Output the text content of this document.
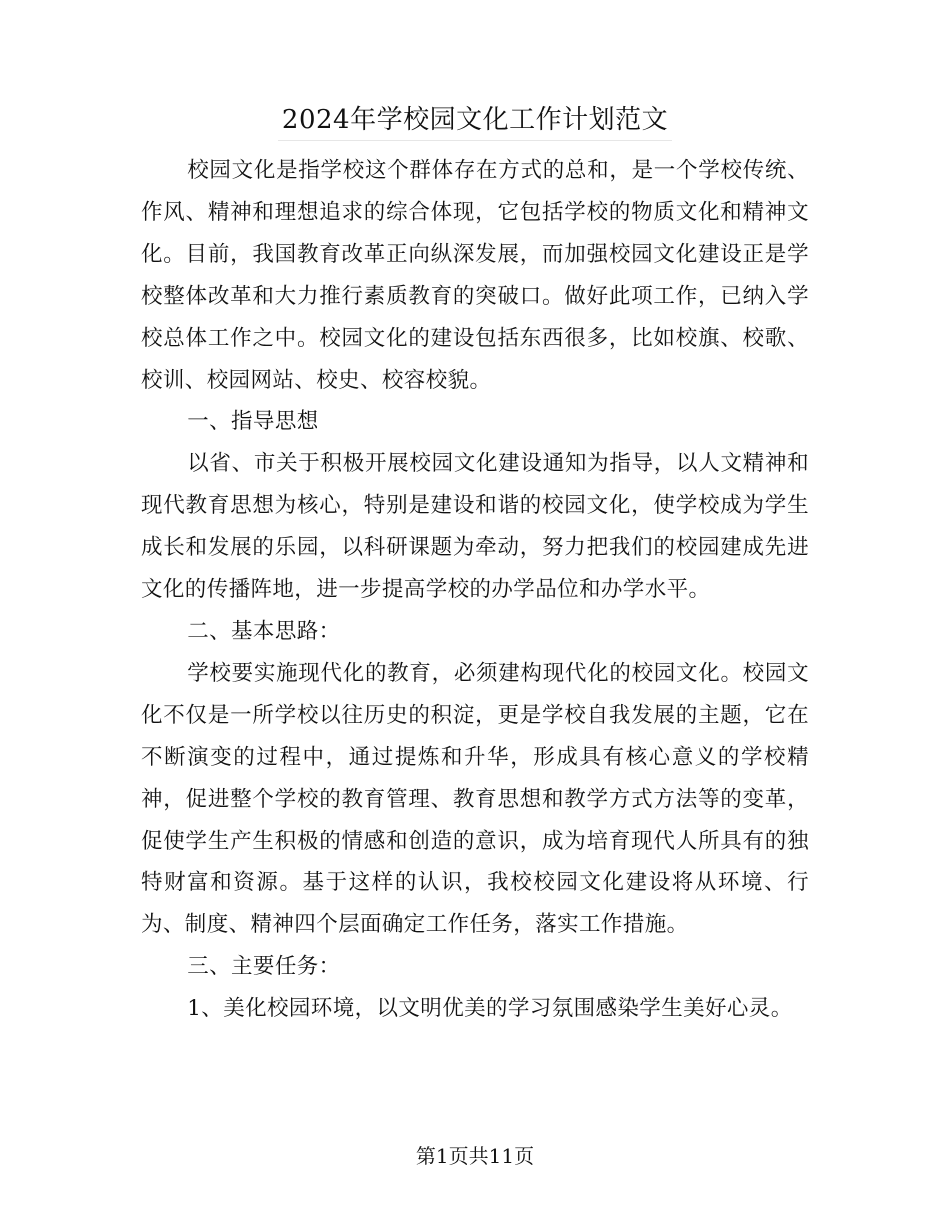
2024年学校园文化工作计划范文

校园文化是指学校这个群体存在方式的总和，是一个学校传统、作风、精神和理想追求的综合体现，它包括学校的物质文化和精神文化。目前，我国教育改革正向纵深发展，而加强校园文化建设正是学校整体改革和大力推行素质教育的突破口。做好此项工作，已纳入学校总体工作之中。校园文化的建设包括东西很多，比如校旗、校歌、校训、校园网站、校史、校容校貌。

一、指导思想

以省、市关于积极开展校园文化建设通知为指导，以人文精神和现代教育思想为核心，特别是建设和谐的校园文化，使学校成为学生成长和发展的乐园，以科研课题为牵动，努力把我们的校园建成先进文化的传播阵地，进一步提高学校的办学品位和办学水平。

二、基本思路：

学校要实施现代化的教育，必须建构现代化的校园文化。校园文化不仅是一所学校以往历史的积淀，更是学校自我发展的主题，它在不断演变的过程中，通过提炼和升华，形成具有核心意义的学校精神，促进整个学校的教育管理、教育思想和教学方式方法等的变革，促使学生产生积极的情感和创造的意识，成为培育现代人所具有的独特财富和资源。基于这样的认识，我校校园文化建设将从环境、行为、制度、精神四个层面确定工作任务，落实工作措施。

三、主要任务：

1、美化校园环境，以文明优美的学习氛围感染学生美好心灵。

第1页共11页
